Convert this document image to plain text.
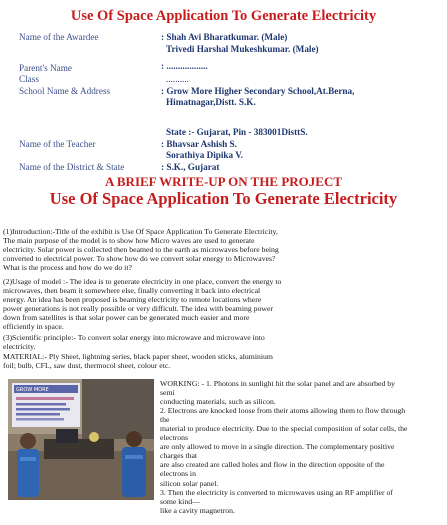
Use Of Space Application To Generate Electricity
Name of the Awardee	: Shah Avi Bharatkumar. (Male)
Trivedi Harshal Mukeshkumar. (Male)
Parent's Name	: ..................
Class	..........
School Name & Address	: Grow More Higher Secondary School,At.Berna,
Himatnagar,Distt. S.K.
State :- Gujarat, Pin - 383001DisttS.
Name of the Teacher	: Bhavsar Ashish S.
Sorathiya Dipika V.
Name of the District & State	: S.K., Gujarat
A BRIEF WRITE-UP ON THE PROJECT
Use Of Space Application To Generate Electricity
(1)Introduction:-Title of the exhibit is Use Of Space Application To Generate Electricity,
The main purpose of the model is to show how Micro waves are used to generate
electricity. Solar power is collected then beamed to the earth as microwaves before being
converted to electrical power. To show how do we convert solar energy to Microwaves?
What is the process and how do we do it?
(2)Usage of model :- The idea is to generate electricity in one place, convert the energy to
microwaves, then beam it somewhere else, finally converting it back into electrical
energy. An idea has been proposed is beaming electricity to remote locations where
power generations is not really possible or very difficult. The idea with beaming power
down from satellites is that solar power can be generated much easier and more
efficiently in space.
(3)Scientific principle:- To convert solar energy into microwave and microwave into
electricity.
MATERIAL:- Ply Sheet, lightning series, black paper sheet, wooden sticks, aluminium
foil; bulb, CFL, saw dust, thermocol sheet, colour etc.
GROW MORE
WORKING: - 1. Photons in sunlight hit the solar panel and are absorbed by
semi
conducting materials, such as silicon.
2. Electrons are knocked loose from their atoms allowing them to flow through
the
material to produce electricity. Due to the special composition of solar cells, the
electrons
are only allowed to move in a single direction. The complementary positive
charges that
are also created are called holes and flow in the direction opposite of the
electrons in
silicon solar panel.
3. Then the electricity is converted to microwaves using an RF amplifier of
some kind—
like a cavity magnetron.
